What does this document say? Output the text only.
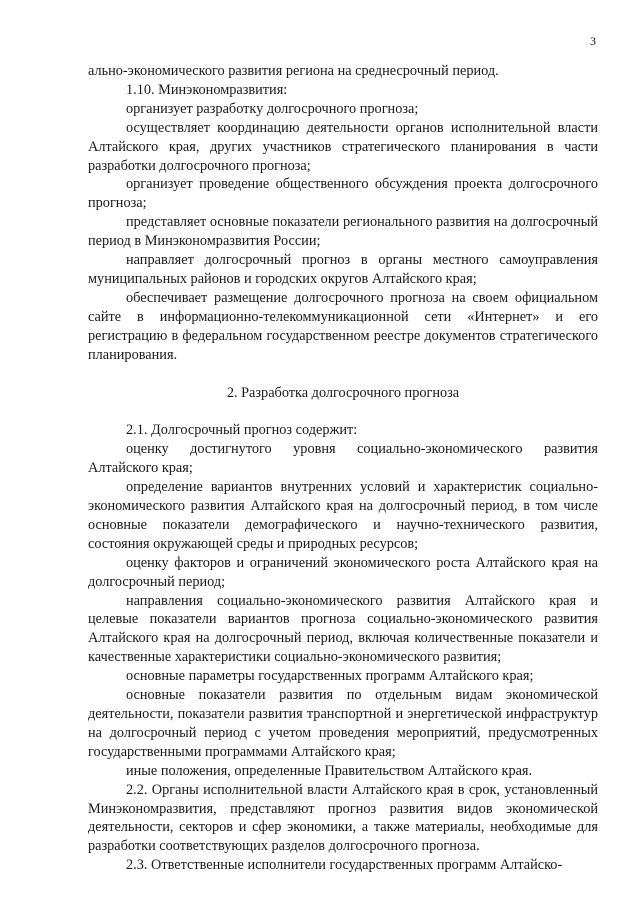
3

ально-экономического развития региона на среднесрочный период.

1.10. Минэкономразвития:

организует разработку долгосрочного прогноза;

осуществляет координацию деятельности органов исполнительной власти Алтайского края, других участников стратегического планирования в части разработки долгосрочного прогноза;

организует проведение общественного обсуждения проекта долгосрочного прогноза;

представляет основные показатели регионального развития на долгосрочный период в Минэкономразвития России;

направляет долгосрочный прогноз в органы местного самоуправления муниципальных районов и городских округов Алтайского края;

обеспечивает размещение долгосрочного прогноза на своем официальном сайте в информационно-телекоммуникационной сети «Интернет» и его регистрацию в федеральном государственном реестре документов стратегического планирования.

2. Разработка долгосрочного прогноза

2.1. Долгосрочный прогноз содержит:

оценку достигнутого уровня социально-экономического развития Алтайского края;

определение вариантов внутренних условий и характеристик социально-экономического развития Алтайского края на долгосрочный период, в том числе основные показатели демографического и научно-технического развития, состояния окружающей среды и природных ресурсов;

оценку факторов и ограничений экономического роста Алтайского края на долгосрочный период;

направления социально-экономического развития Алтайского края и целевые показатели вариантов прогноза социально-экономического развития Алтайского края на долгосрочный период, включая количественные показатели и качественные характеристики социально-экономического развития;

основные параметры государственных программ Алтайского края;

основные показатели развития по отдельным видам экономической деятельности, показатели развития транспортной и энергетической инфраструктур на долгосрочный период с учетом проведения мероприятий, предусмотренных государственными программами Алтайского края;

иные положения, определенные Правительством Алтайского края.

2.2. Органы исполнительной власти Алтайского края в срок, установленный Минэкономразвития, представляют прогноз развития видов экономической деятельности, секторов и сфер экономики, а также материалы, необходимые для разработки соответствующих разделов долгосрочного прогноза.

2.3. Ответственные исполнители государственных программ Алтайско-
